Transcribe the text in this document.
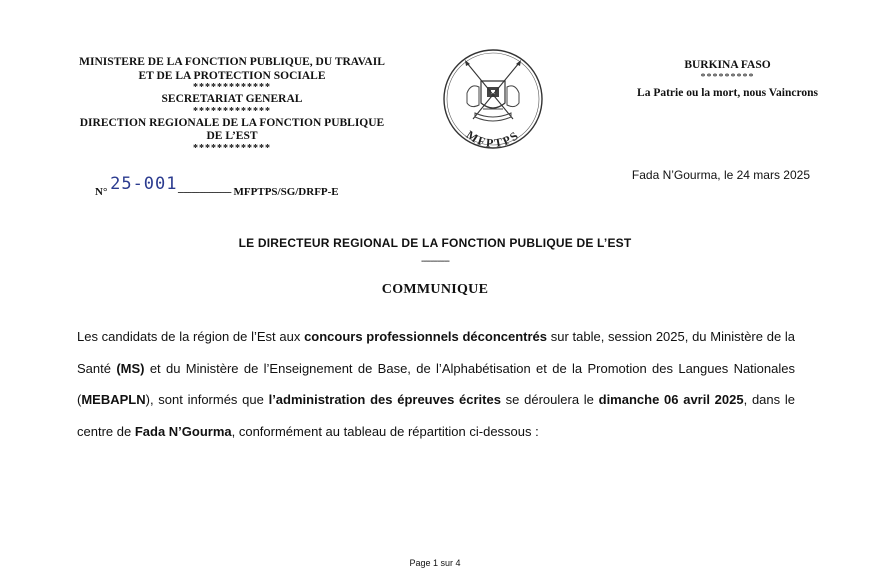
MINISTERE DE LA FONCTION PUBLIQUE, DU TRAVAIL
ET DE LA PROTECTION SOCIALE
*************
SECRETARIAT GENERAL
*************
DIRECTION REGIONALE DE LA FONCTION PUBLIQUE
DE L’EST
*************
MFPTPS
BURKINA FASO
*********
La Patrie ou la mort, nous Vaincrons
Fada N’Gourma, le 24 mars 2025
N° 25-001-------------------- MFPTPS/SG/DRFP-E
LE DIRECTEUR REGIONAL DE LA FONCTION PUBLIQUE DE L’EST
------------
COMMUNIQUE
Les candidats de la région de l’Est aux concours professionnels déconcentrés sur table, session 2025, du Ministère de la Santé (MS) et du Ministère de l’Enseignement de Base, de l’Alphabétisation et de la Promotion des Langues Nationales (MEBAPLN), sont informés que l’administration des épreuves écrites se déroulera le dimanche 06 avril 2025, dans le centre de Fada N’Gourma, conformément au tableau de répartition ci-dessous :
Page 1 sur 4
